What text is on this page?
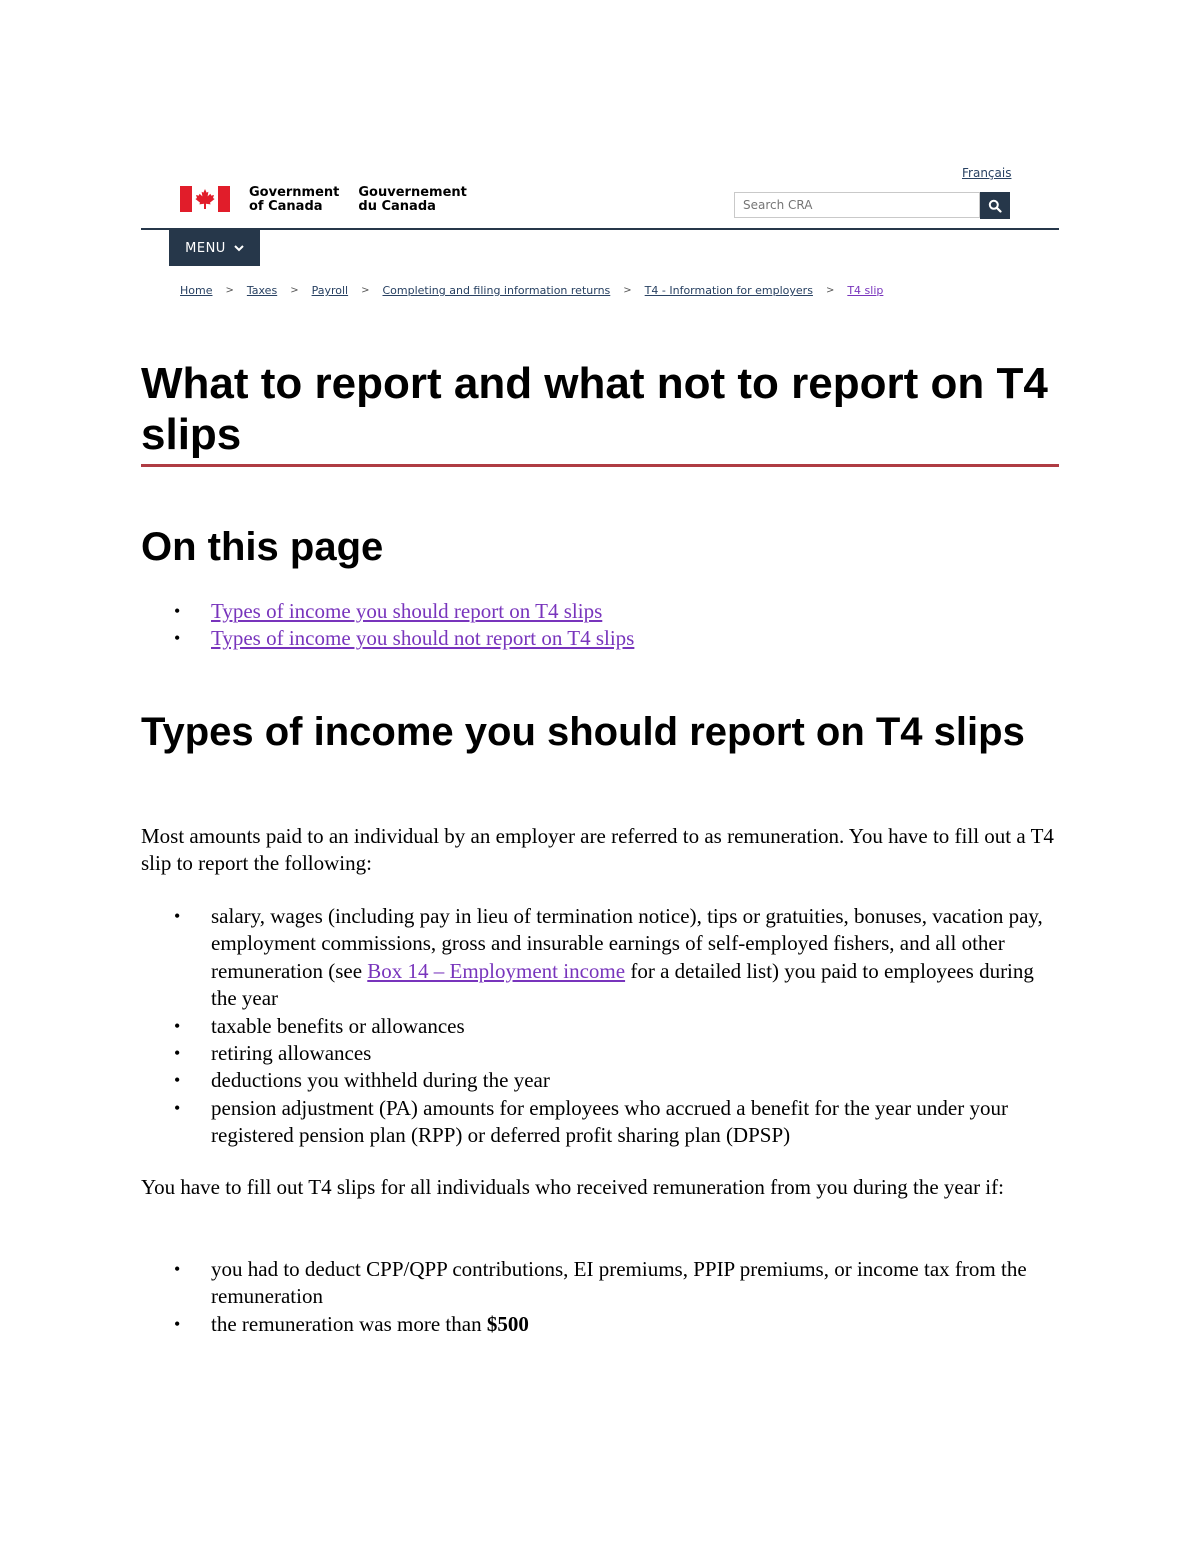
Français
Government
of Canada
Gouvernement
du Canada
Search CRA
MENU
Home > Taxes > Payroll > Completing and filing information returns > T4 - Information for employers > T4 slip
What to report and what not to report on T4 slips
On this page
• Types of income you should report on T4 slips
• Types of income you should not report on T4 slips
Types of income you should report on T4 slips

Most amounts paid to an individual by an employer are referred to as remuneration. You have to fill out a T4 slip to report the following:

• salary, wages (including pay in lieu of termination notice), tips or gratuities, bonuses, vacation pay, employment commissions, gross and insurable earnings of self-employed fishers, and all other remuneration (see Box 14 – Employment income for a detailed list) you paid to employees during the year
• taxable benefits or allowances
• retiring allowances
• deductions you withheld during the year
• pension adjustment (PA) amounts for employees who accrued a benefit for the year under your registered pension plan (RPP) or deferred profit sharing plan (DPSP)

You have to fill out T4 slips for all individuals who received remuneration from you during the year if:

• you had to deduct CPP/QPP contributions, EI premiums, PPIP premiums, or income tax from the remuneration
• the remuneration was more than $500
